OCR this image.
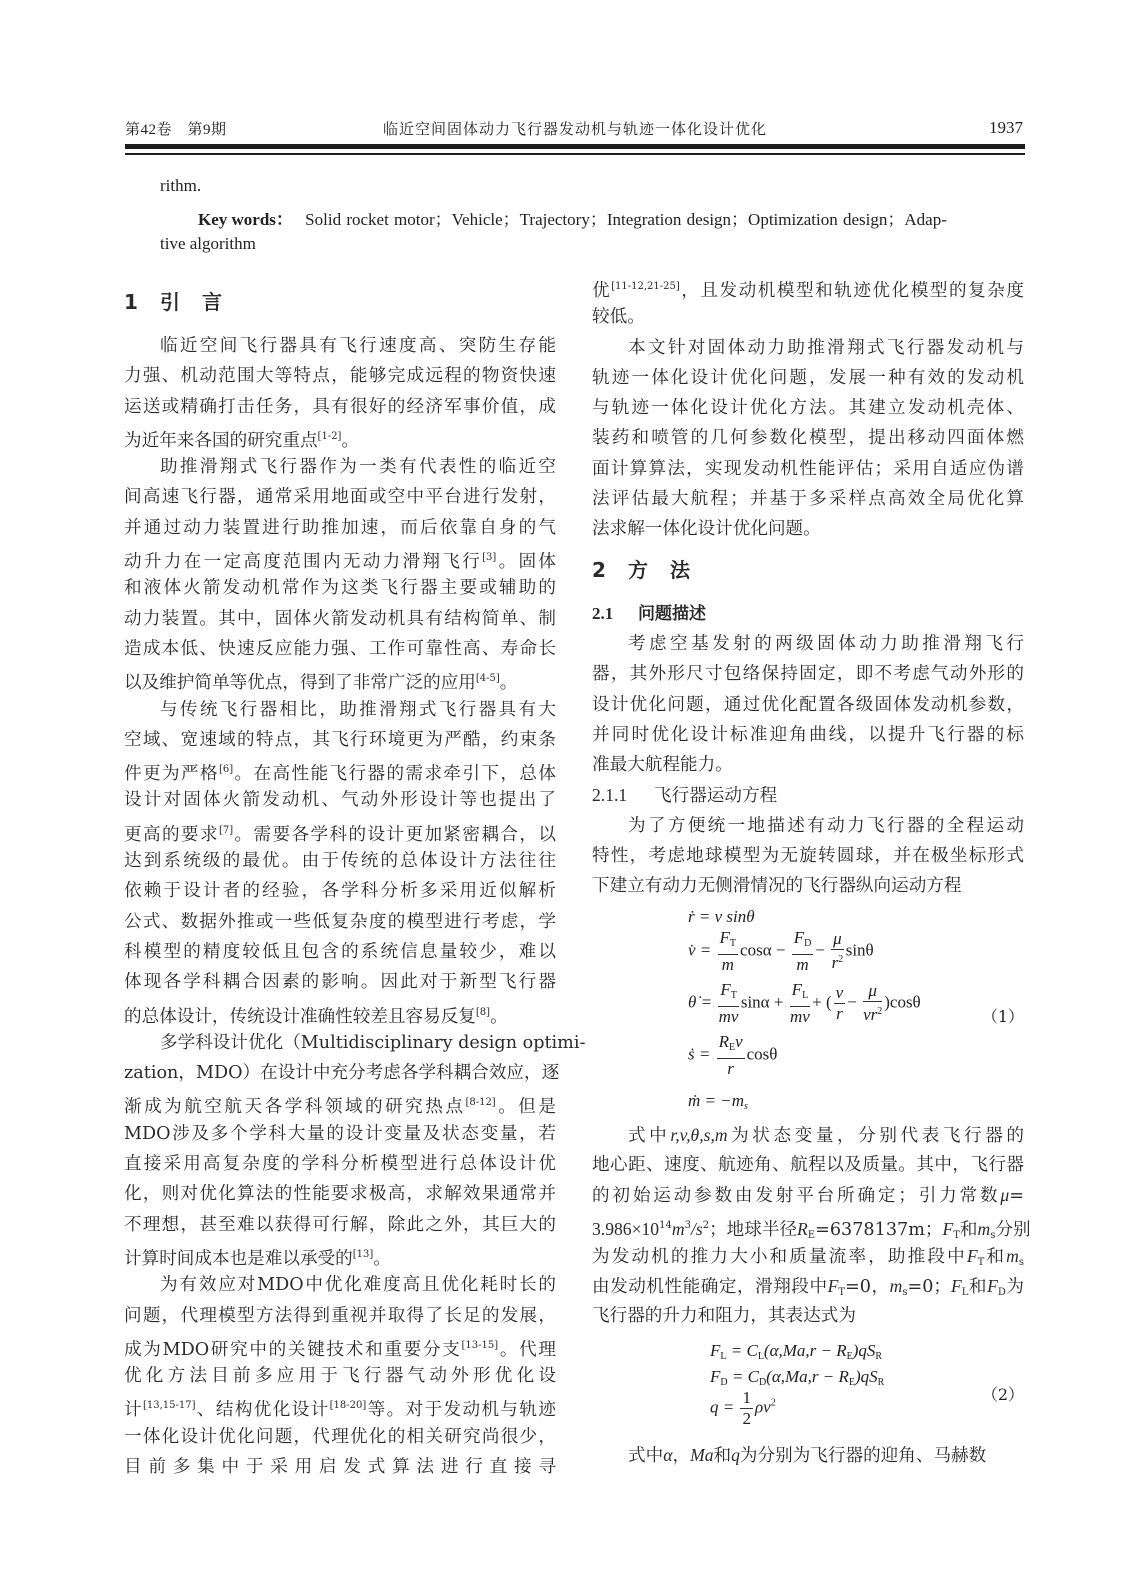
第42卷　第9期	临近空间固体动力飞行器发动机与轨迹一体化设计优化	1937
rithm.
Key words： Solid rocket motor；Vehicle；Trajectory；Integration design；Optimization design；Adap-
tive algorithm
1 引言
临近空间飞行器具有飞行速度高、突防生存能
力强、机动范围大等特点，能够完成远程的物资快速
运送或精确打击任务，具有很好的经济军事价值，成
为近年来各国的研究重点[1-2]。
助推滑翔式飞行器作为一类有代表性的临近空
间高速飞行器，通常采用地面或空中平台进行发射，
并通过动力装置进行助推加速，而后依靠自身的气
动升力在一定高度范围内无动力滑翔飞行[3]。固体
和液体火箭发动机常作为这类飞行器主要或辅助的
动力装置。其中，固体火箭发动机具有结构简单、制
造成本低、快速反应能力强、工作可靠性高、寿命长
以及维护简单等优点，得到了非常广泛的应用[4-5]。
与传统飞行器相比，助推滑翔式飞行器具有大
空域、宽速域的特点，其飞行环境更为严酷，约束条
件更为严格[6]。在高性能飞行器的需求牵引下，总体
设计对固体火箭发动机、气动外形设计等也提出了
更高的要求[7]。需要各学科的设计更加紧密耦合，以
达到系统级的最优。由于传统的总体设计方法往往
依赖于设计者的经验，各学科分析多采用近似解析
公式、数据外推或一些低复杂度的模型进行考虑，学
科模型的精度较低且包含的系统信息量较少，难以
体现各学科耦合因素的影响。因此对于新型飞行器
的总体设计，传统设计准确性较差且容易反复[8]。
多学科设计优化（Multidisciplinary design optimi-
zation，MDO）在设计中充分考虑各学科耦合效应，逐
渐成为航空航天各学科领域的研究热点[8-12]。但是
MDO涉及多个学科大量的设计变量及状态变量，若
直接采用高复杂度的学科分析模型进行总体设计优
化，则对优化算法的性能要求极高，求解效果通常并
不理想，甚至难以获得可行解，除此之外，其巨大的
计算时间成本也是难以承受的[13]。
为有效应对MDO中优化难度高且优化耗时长的
问题，代理模型方法得到重视并取得了长足的发展，
成为MDO研究中的关键技术和重要分支[13-15]。代理
优化方法目前多应用于飞行器气动外形优化设
计[13,15-17]、结构优化设计[18-20]等。对于发动机与轨迹
一体化设计优化问题，代理优化的相关研究尚很少，
目前多集中于采用启发式算法进行直接寻
优[11-12,21-25]，且发动机模型和轨迹优化模型的复杂度
较低。
本文针对固体动力助推滑翔式飞行器发动机与
轨迹一体化设计优化问题，发展一种有效的发动机
与轨迹一体化设计优化方法。其建立发动机壳体、
装药和喷管的几何参数化模型，提出移动四面体燃
面计算算法，实现发动机性能评估；采用自适应伪谱
法评估最大航程；并基于多采样点高效全局优化算
法求解一体化设计优化问题。
2 方法
2.1 问题描述
考虑空基发射的两级固体动力助推滑翔飞行
器，其外形尺寸包络保持固定，即不考虑气动外形的
设计优化问题，通过优化配置各级固体发动机参数，
并同时优化设计标准迎角曲线，以提升飞行器的标
准最大航程能力。
2.1.1 飞行器运动方程
为了方便统一地描述有动力飞行器的全程运动
特性，考虑地球模型为无旋转圆球，并在极坐标形式
下建立有动力无侧滑情况的飞行器纵向运动方程
ṙ = v sinθ
v̇ = $\frac{F_T}{m}$ $\cos\alpha - \frac{F_D}{m} - \frac{\mu}{r^2}$ sinθ
θ̇ = $\frac{F_T}{mv}$ $\sin\alpha + \frac{F_L}{mv}$ + ( $\frac{v}{r} - \frac{\mu}{vr^2} )\cos\theta$
（1）
ṡ = $\frac{R_Ev}{r}$ cosθ
ṁ = $-m_s$
式中r,v,θ,s,m为状态变量，分别代表飞行器的
地心距、速度、航迹角、航程以及质量。其中，飞行器
的初始运动参数由发射平台所确定；引力常数μ=
$3.986\times 10^{14}m^3/s^2$；地球半径$R_E=6378137m$；$F_T$和$m_s$分别
为发动机的推力大小和质量流率，助推段中$F_T$和$m_s$
由发动机性能确定，滑翔段中$F_T=0$，$m_s=0$；$F_L$和$F_D$为
飞行器的升力和阻力，其表达式为
$F_L = C_L(\alpha,Ma,r - R_E)qS_R$
$F_D = C_D(\alpha,Ma,r - R_E)qS_R$
（2）
$q = \frac{1}{2} \rho v^2$
式中α，Ma和q为分别为飞行器的迎角、马赫数
